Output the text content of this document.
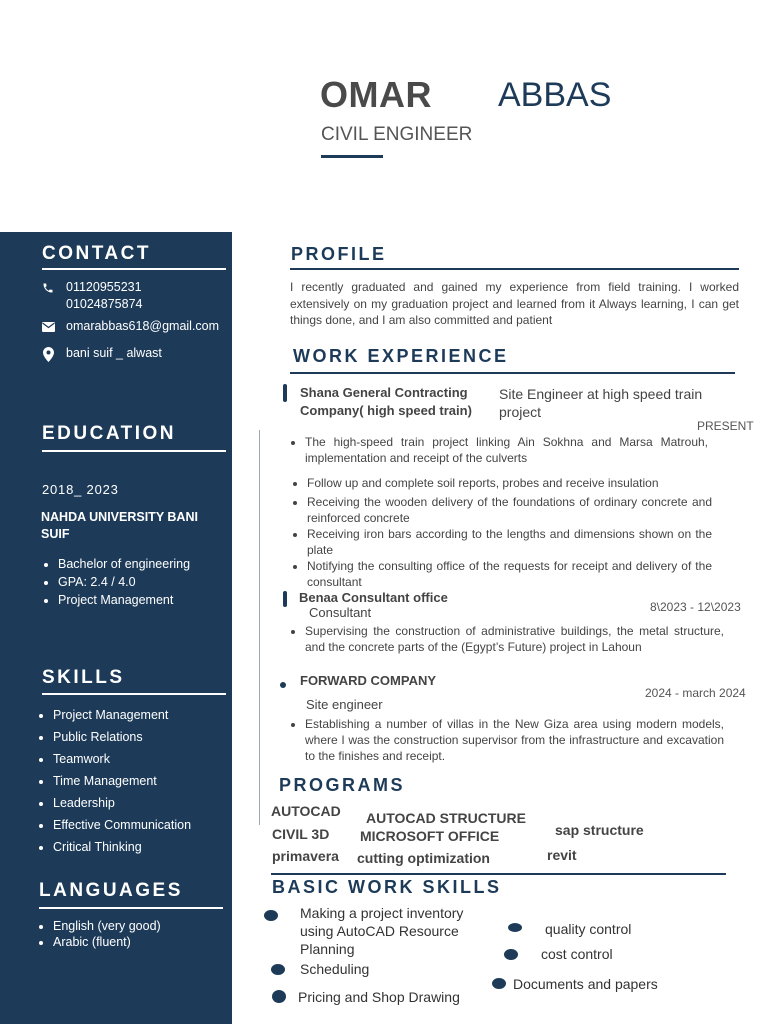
OMAR ABBAS
CIVIL ENGINEER
CONTACT
01120955231
01024875874
omarabbas618@gmail.com
bani suif _ alwast
EDUCATION
2018_ 2023
NAHDA UNIVERSITY BANI SUIF
• Bachelor of engineering
• GPA: 2.4 / 4.0
• Project Management
SKILLS
• Project Management
• Public Relations
• Teamwork
• Time Management
• Leadership
• Effective Communication
• Critical Thinking
LANGUAGES
• English (very good)
• Arabic (fluent)
PROFILE
I recently graduated and gained my experience from field training. I worked extensively on my graduation project and learned from it Always learning, I can get things done, and I am also committed and patient
WORK EXPERIENCE
Shana General Contracting Company( high speed train)
Site Engineer at high speed train project
PRESENT
• The high-speed train project linking Ain Sokhna and Marsa Matrouh, implementation and receipt of the culverts
• Follow up and complete soil reports, probes and receive insulation
• Receiving the wooden delivery of the foundations of ordinary concrete and reinforced concrete
• Receiving iron bars according to the lengths and dimensions shown on the plate
• Notifying the consulting office of the requests for receipt and delivery of the consultant
Benaa Consultant office
Consultant	8\2023 - 12\2023
• Supervising the construction of administrative buildings, the metal structure, and the concrete parts of the (Egypt’s Future) project in Lahoun
FORWARD COMPANY
2024 - march 2024
Site engineer
• Establishing a number of villas in the New Giza area using modern models, where I was the construction supervisor from the infrastructure and excavation to the finishes and receipt.
PROGRAMS
AUTOCAD AUTOCAD STRUCTURE
CIVIL 3D MICROSOFT OFFICE	sap structure
primavera cutting optimization	revit
BASIC WORK SKILLS
Making a project inventory using AutoCAD Resource Planning
Scheduling
Pricing and Shop Drawing
quality control
cost control
Documents and papers
